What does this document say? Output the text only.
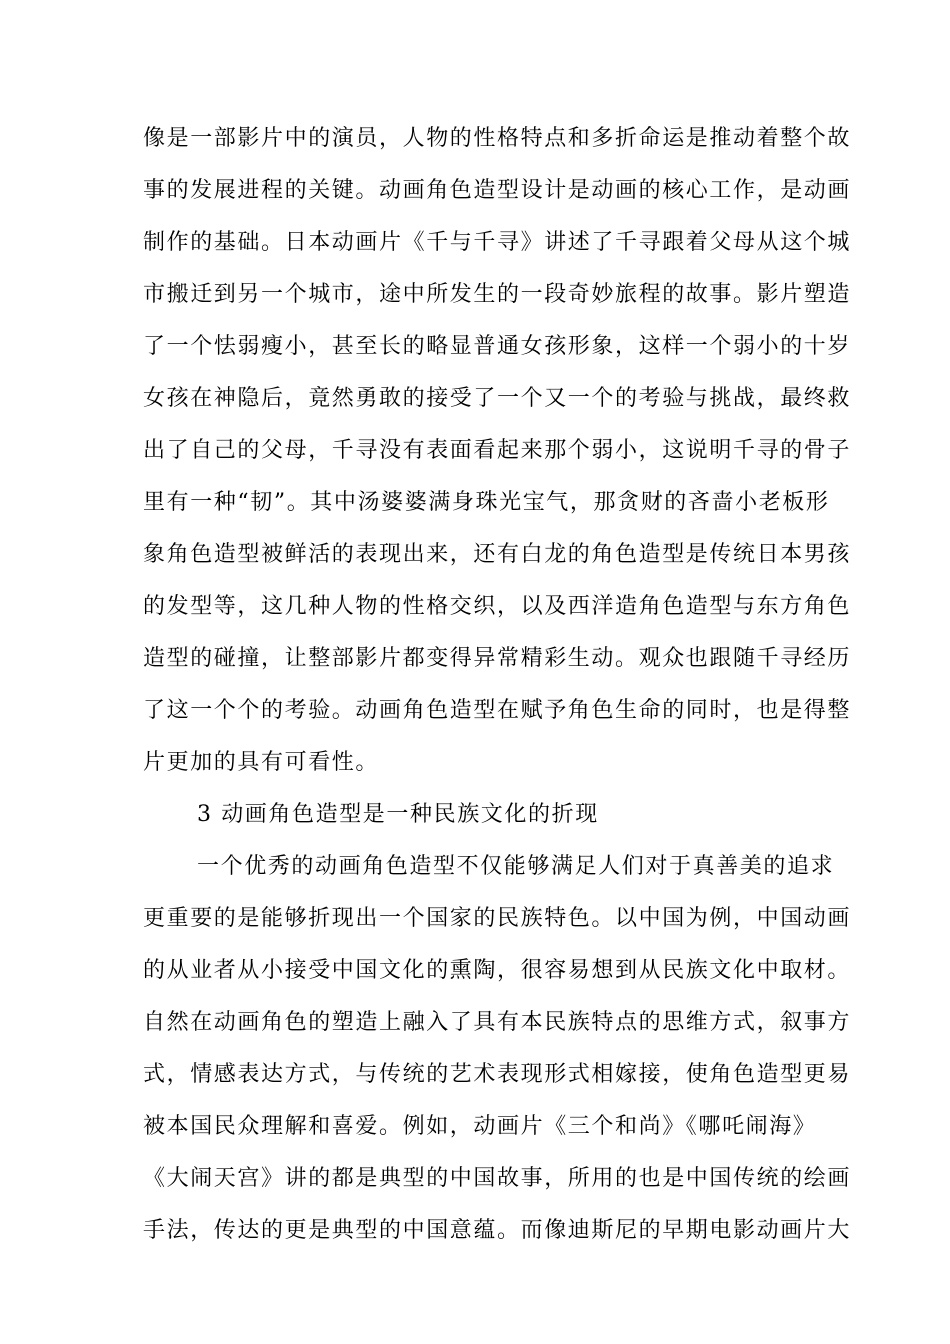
像是一部影片中的演员，人物的性格特点和多折命运是推动着整个故
事的发展进程的关键。动画角色造型设计是动画的核心工作，是动画
制作的基础。日本动画片《千与千寻》讲述了千寻跟着父母从这个城
市搬迁到另一个城市，途中所发生的一段奇妙旅程的故事。影片塑造
了一个怯弱瘦小，甚至长的略显普通女孩形象，这样一个弱小的十岁
女孩在神隐后，竟然勇敢的接受了一个又一个的考验与挑战，最终救
出了自己的父母，千寻没有表面看起来那个弱小，这说明千寻的骨子
里有一种“韧”。其中汤婆婆满身珠光宝气，那贪财的吝啬小老板形
象角色造型被鲜活的表现出来，还有白龙的角色造型是传统日本男孩
的发型等，这几种人物的性格交织，以及西洋造角色造型与东方角色
造型的碰撞，让整部影片都变得异常精彩生动。观众也跟随千寻经历
了这一个个的考验。动画角色造型在赋予角色生命的同时，也是得整
片更加的具有可看性。
3 动画角色造型是一种民族文化的折现
一个优秀的动画角色造型不仅能够满足人们对于真善美的追求
更重要的是能够折现出一个国家的民族特色。以中国为例，中国动画
的从业者从小接受中国文化的熏陶，很容易想到从民族文化中取材。
自然在动画角色的塑造上融入了具有本民族特点的思维方式，叙事方
式，情感表达方式，与传统的艺术表现形式相嫁接，使角色造型更易
被本国民众理解和喜爱。例如，动画片《三个和尚》《哪吒闹海》
《大闹天宫》讲的都是典型的中国故事，所用的也是中国传统的绘画
手法，传达的更是典型的中国意蕴。而像迪斯尼的早期电影动画片大
